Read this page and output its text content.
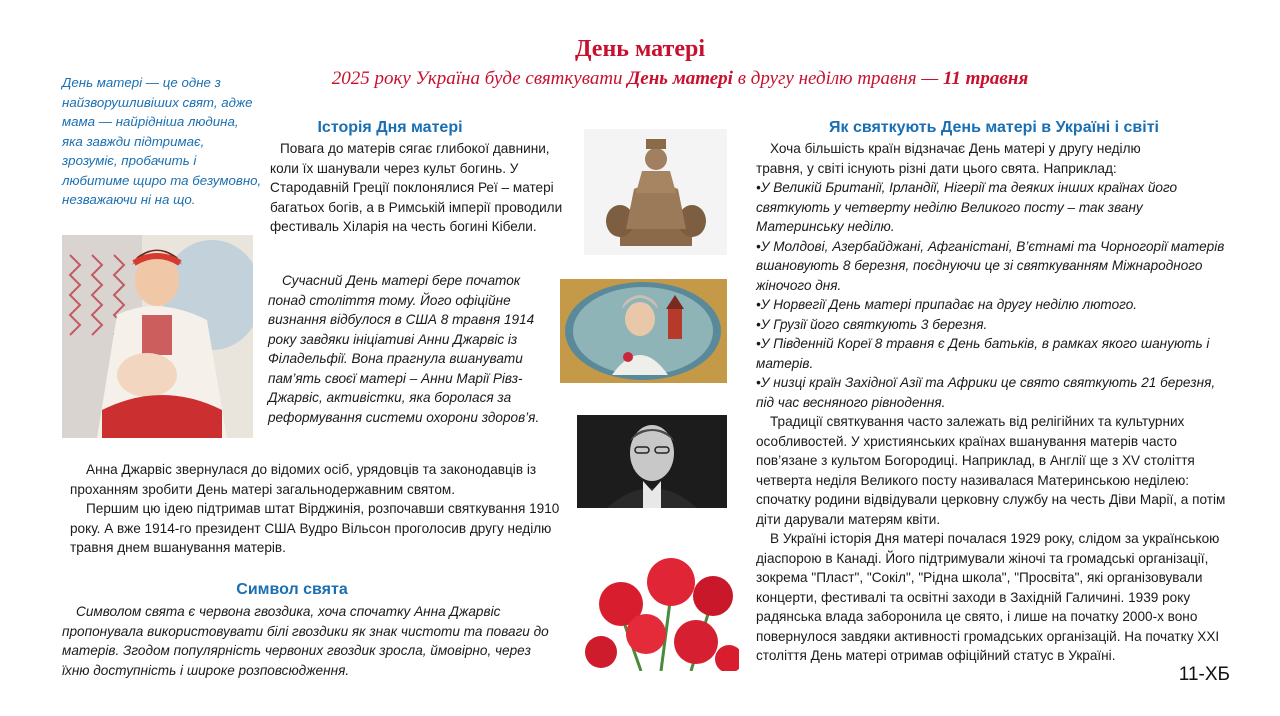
День матері
2025 року Україна буде святкувати День матері в другу неділю травня — 11 травня
День матері — це одне з найзворушливіших свят, адже мама — найрідніша людина, яка завжди підтримає, зрозуміє, пробачить і любитиме щиро та безумовно, незважаючи ні на що.
Історія Дня матері

Повага до матерів сягає глибокої давнини, коли їх шанували через культ богинь. У Стародавній Греції поклонялися Реї – матері багатьох богів, а в Римській імперії проводили фестиваль Хіларія на честь богині Кібели.

Сучасний День матері бере початок понад століття тому. Його офіційне визнання відбулося в США 8 травня 1914 року завдяки ініціативі Анни Джарвіс із Філадельфії. Вона прагнула вшанувати пам’ять своєї матері – Анни Марії Рівз-Джарвіс, активістки, яка боролася за реформування системи охорони здоров’я.

Анна Джарвіс звернулася до відомих осіб, урядовців та законодавців із проханням зробити День матері загальнодержавним святом.

Першим цю ідею підтримав штат Вірджинія, розпочавши святкування 1910 року. А вже 1914-го президент США Вудро Вільсон проголосив другу неділю травня днем вшанування матерів.

Символ свята

Символом свята є червона гвоздика, хоча спочатку Анна Джарвіс пропонувала використовувати білі гвоздики як знак чистоти та поваги до матерів. Згодом популярність червоних гвоздик зросла, ймовірно, через їхню доступність і широке розповсюдження.

Як святкують День матері в Україні і світі

Хоча більшість країн відзначає День матері у другу неділю травня, у світі існують різні дати цього свята. Наприклад:

•У Великій Британії, Ірландії, Нігерії та деяких інших країнах його святкують у четверту неділю Великого посту – так звану Материнську неділю.

•У Молдові, Азербайджані, Афганістані, В’єтнамі та Чорногорії матерів вшановують 8 березня, поєднуючи це зі святкуванням Міжнародного жіночого дня.

•У Норвегії День матері припадає на другу неділю лютого.

•У Грузії його святкують 3 березня.

•У Південній Кореї 8 травня є День батьків, в рамках якого шанують і матерів.

•У низці країн Західної Азії та Африки це свято святкують 21 березня, під час весняного рівнодення.

Традиції святкування часто залежать від релігійних та культурних особливостей. У християнських країнах вшанування матерів часто пов’язане з культом Богородиці. Наприклад, в Англії ще з XV століття четверта неділя Великого посту називалася Материнською неділею: спочатку родини відвідували церковну службу на честь Діви Марії, а потім діти дарували матерям квіти.

В Україні історія Дня матері почалася 1929 року, слідом за українською діаспорою в Канаді. Його підтримували жіночі та громадські організації, зокрема "Пласт", "Сокіл", "Рідна школа", "Просвіта", які організовували концерти, фестивалі та освітні заходи в Західній Галичині. 1939 року радянська влада заборонила це свято, і лише на початку 2000-х воно повернулося завдяки активності громадських організацій. На початку XXI століття День матері отримав офіційний статус в Україні.

11-ХБ
